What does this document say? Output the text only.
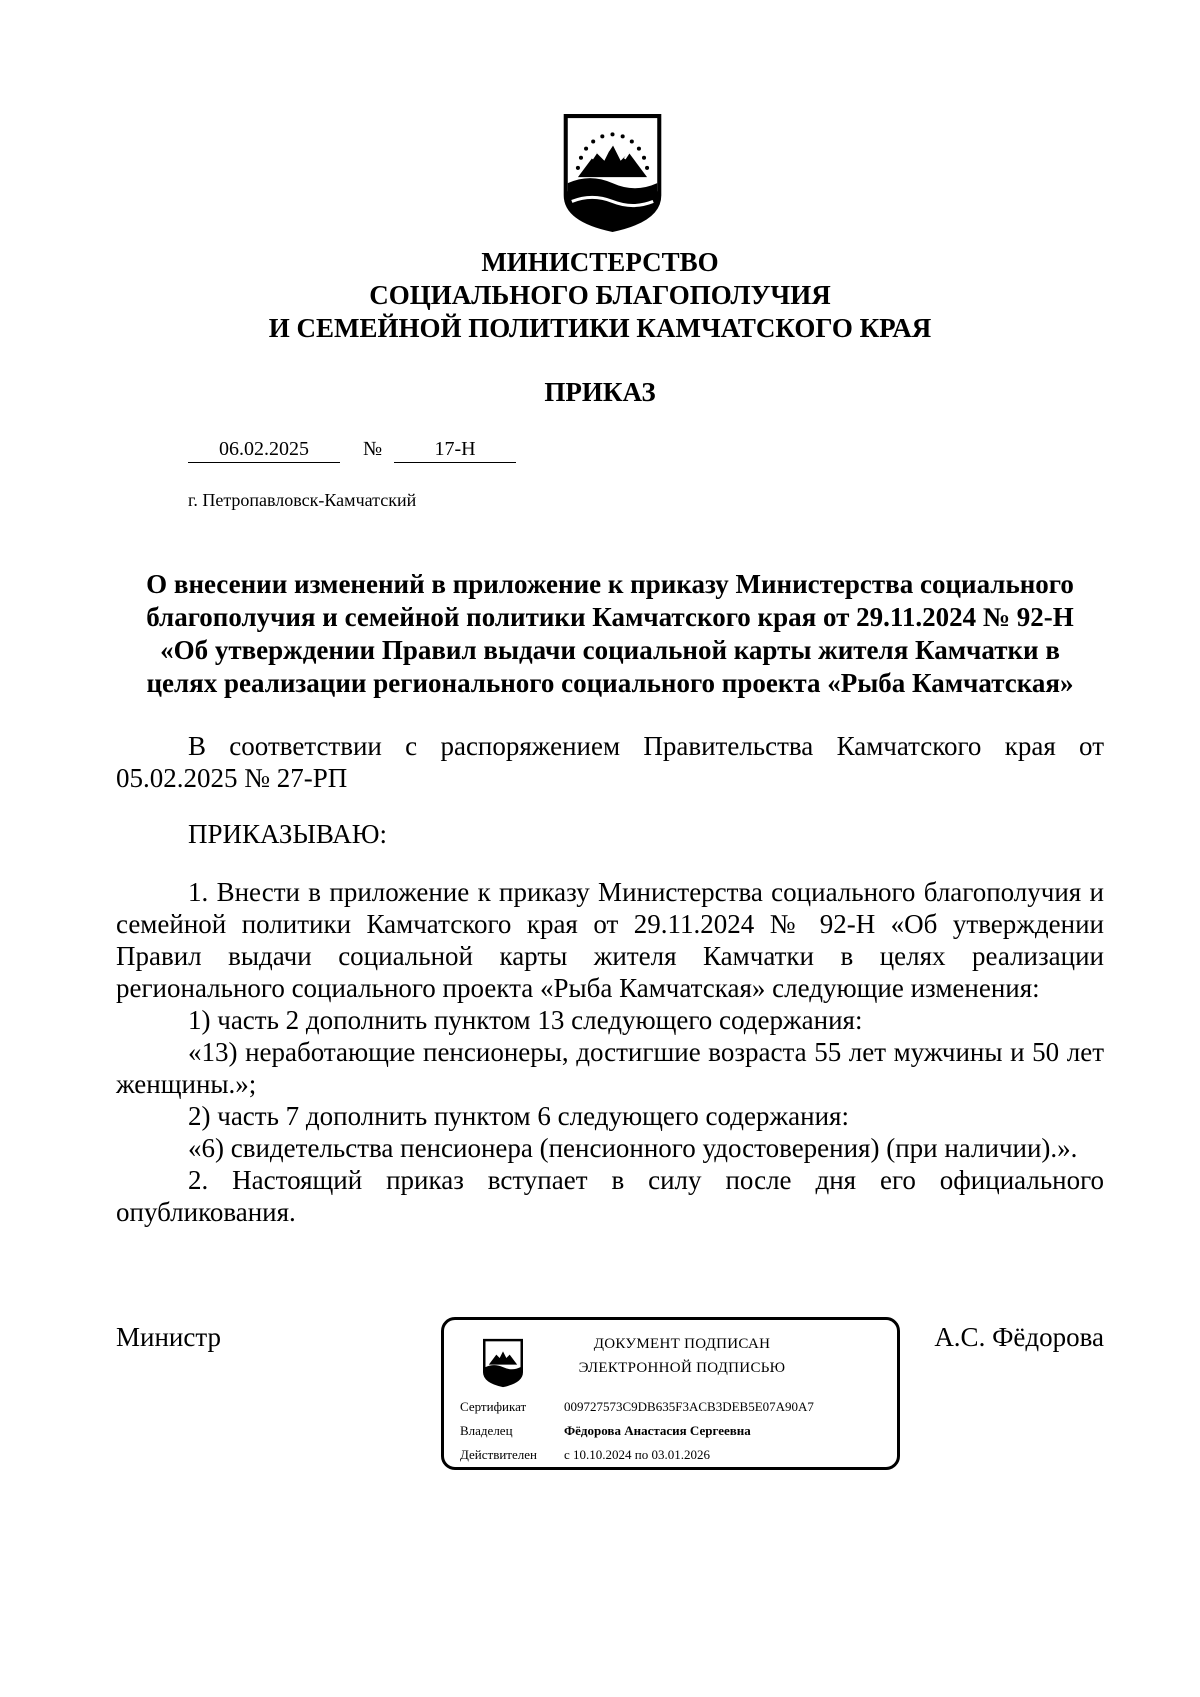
МИНИСТЕРСТВО
СОЦИАЛЬНОГО БЛАГОПОЛУЧИЯ
И СЕМЕЙНОЙ ПОЛИТИКИ КАМЧАТСКОГО КРАЯ
ПРИКАЗ
06.02.2025	№	17-Н
г. Петропавловск-Камчатский
О внесении изменений в приложение к приказу Министерства социального
благополучия и семейной политики Камчатского края от 29.11.2024 № 92-Н
«Об утверждении Правил выдачи социальной карты жителя Камчатки в
целях реализации регионального социального проекта «Рыба Камчатская»

В соответствии с распоряжением Правительства Камчатского края от 05.02.2025 № 27-РП

ПРИКАЗЫВАЮ:

1. Внести в приложение к приказу Министерства социального благополучия и семейной политики Камчатского края от 29.11.2024 № 92-Н «Об утверждении Правил выдачи социальной карты жителя Камчатки в целях реализации регионального социального проекта «Рыба Камчатская» следующие изменения:

1) часть 2 дополнить пунктом 13 следующего содержания:

«13) неработающие пенсионеры, достигшие возраста 55 лет мужчины и 50 лет женщины.»;

2) часть 7 дополнить пунктом 6 следующего содержания:

«6) свидетельства пенсионера (пенсионного удостоверения) (при наличии).».

2. Настоящий приказ вступает в силу после дня его официального опубликования.

Министр	ДОКУМЕНТ ПОДПИСАН
ЭЛЕКТРОННОЙ ПОДПИСЬЮ
Сертификат	009727573C9DB635F3ACB3DEB5E07A90A7
Владелец	Фёдорова Анастасия Сергеевна
Действителен с 10.10.2024 по 03.01.2026
А.С. Фёдорова
